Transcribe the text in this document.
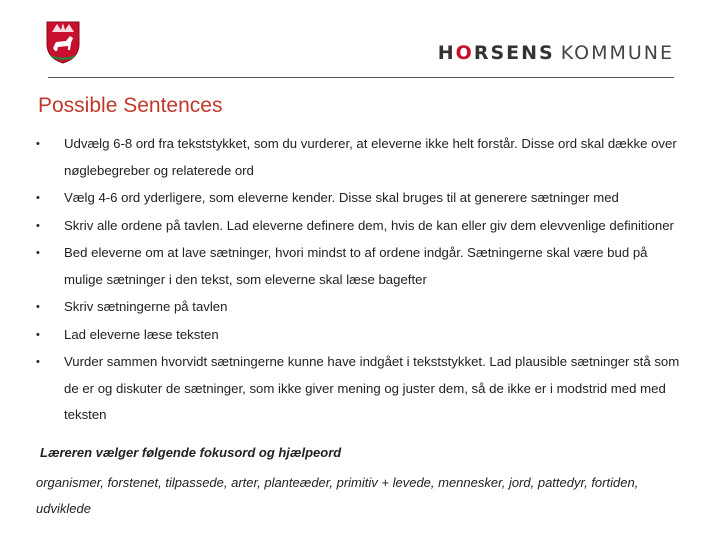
HORSENS KOMMUNE
Possible Sentences
• Udvælg 6-8 ord fra tekststykket, som du vurderer, at eleverne ikke helt forstår. Disse ord skal dække over nøglebegreber og relaterede ord
• Vælg 4-6 ord yderligere, som eleverne kender. Disse skal bruges til at generere sætninger med
• Skriv alle ordene på tavlen. Lad eleverne definere dem, hvis de kan eller giv dem elevvenlige definitioner
• Bed eleverne om at lave sætninger, hvori mindst to af ordene indgår. Sætningerne skal være bud på mulige sætninger i den tekst, som eleverne skal læse bagefter
• Skriv sætningerne på tavlen
• Lad eleverne læse teksten
• Vurder sammen hvorvidt sætningerne kunne have indgået i tekststykket. Lad plausible sætninger stå som de er og diskuter de sætninger, som ikke giver mening og juster dem, så de ikke er i modstrid med med teksten

Læreren vælger følgende fokusord og hjælpeord

organismer, forstenet, tilpassede, arter, planteæder, primitiv + levede, mennesker, jord, pattedyr, fortiden, udviklede
